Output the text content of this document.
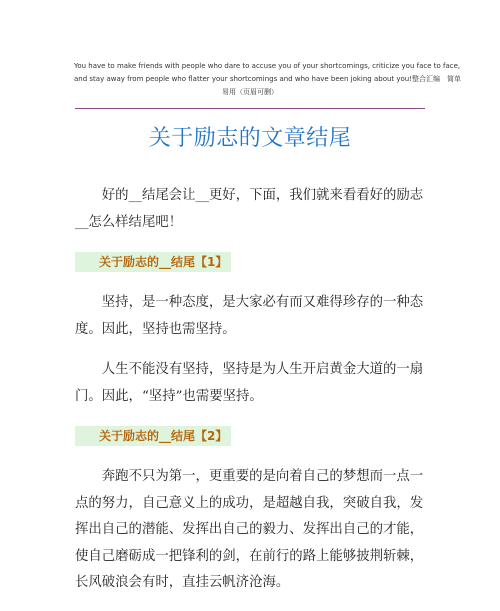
You have to make friends with people who dare to accuse you of your shortcomings, criticize you face to face,
and stay away from people who flatter your shortcomings and who have been joking about you!整合汇编　简单
易用（页眉可删）
关于励志的文章结尾

好的__结尾会让__更好，下面，我们就来看看好的励志__怎么样结尾吧！

关于励志的__结尾【1】

坚持，是一种态度，是大家必有而又难得珍存的一种态度。因此，坚持也需坚持。

人生不能没有坚持，坚持是为人生开启黄金大道的一扇门。因此，“坚持”也需要坚持。

关于励志的__结尾【2】

奔跑不只为第一，更重要的是向着自己的梦想而一点一点的努力，自己意义上的成功，是超越自我，突破自我，发挥出自己的潜能、发挥出自己的毅力、发挥出自己的才能，使自己磨砺成一把锋利的剑，在前行的路上能够披荆斩棘，长风破浪会有时，直挂云帆济沧海。
